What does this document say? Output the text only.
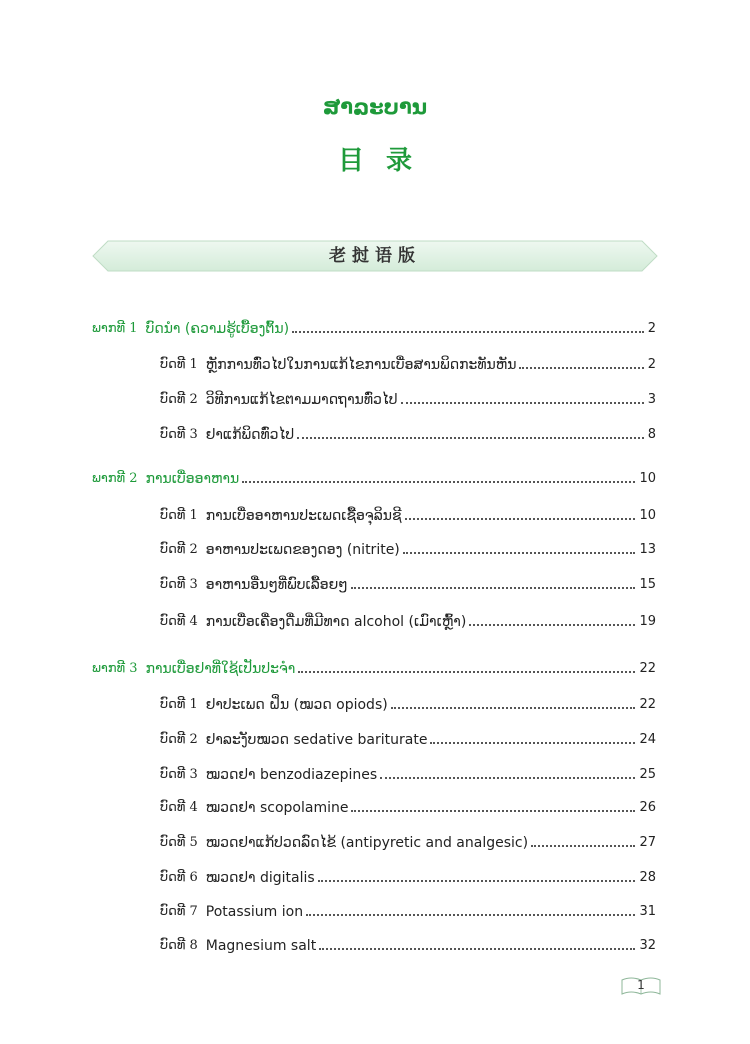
ສາລະບານ
目录
老挝语版
ພາກທີ 1 ບົດນຳ (ຄວາມຮູ້ເບື້ອງຕົ້ນ)	2
ບົດທີ 1 ຫຼັກການທົ່ວໄປໃນການແກ້ໄຂການເບື່ອສານພິດກະທັນຫັນ	2
ບົດທີ 2 ວິທີການແກ້ໄຂຕາມມາດຖານທົ່ວໄປ	3
ບົດທີ 3 ຢາແກ້ພິດທົ່ວໄປ	8
ພາກທີ 2 ການເບື່ອອາຫານ	10
ບົດທີ 1 ການເບື່ອອາຫານປະເພດເຊື້ອຈຸລິນຊີ	10
ບົດທີ 2 ອາຫານປະເພດຂອງດອງ (nitrite)	13
ບົດທີ 3 ອາຫານອື່ນໆທີ່ພົບເລື້ອຍໆ	15
ບົດທີ 4 ການເບື່ອເຄື່ອງດື່ມທີ່ມີທາດ alcohol (ເມົາເຫຼົ້າ)	19
ພາກທີ 3 ການເບື່ອຢາທີ່ໃຊ້ເປັນປະຈຳ	22
ບົດທີ 1 ຢາປະເພດ ຝິ່ນ (ໝວດ opiods)	22
ບົດທີ 2 ຢາລະງັບໝວດ sedative bariturate	24
ບົດທີ 3 ໝວດຢາ benzodiazepines	25
ບົດທີ 4 ໝວດຢາ scopolamine	26
ບົດທີ 5 ໝວດຢາແກ້ປວດລົດໄຂ້ (antipyretic and analgesic)	27
ບົດທີ 6 ໝວດຢາ digitalis	28
ບົດທີ 7 Potassium ion	31
ບົດທີ 8 Magnesium salt	32
1
